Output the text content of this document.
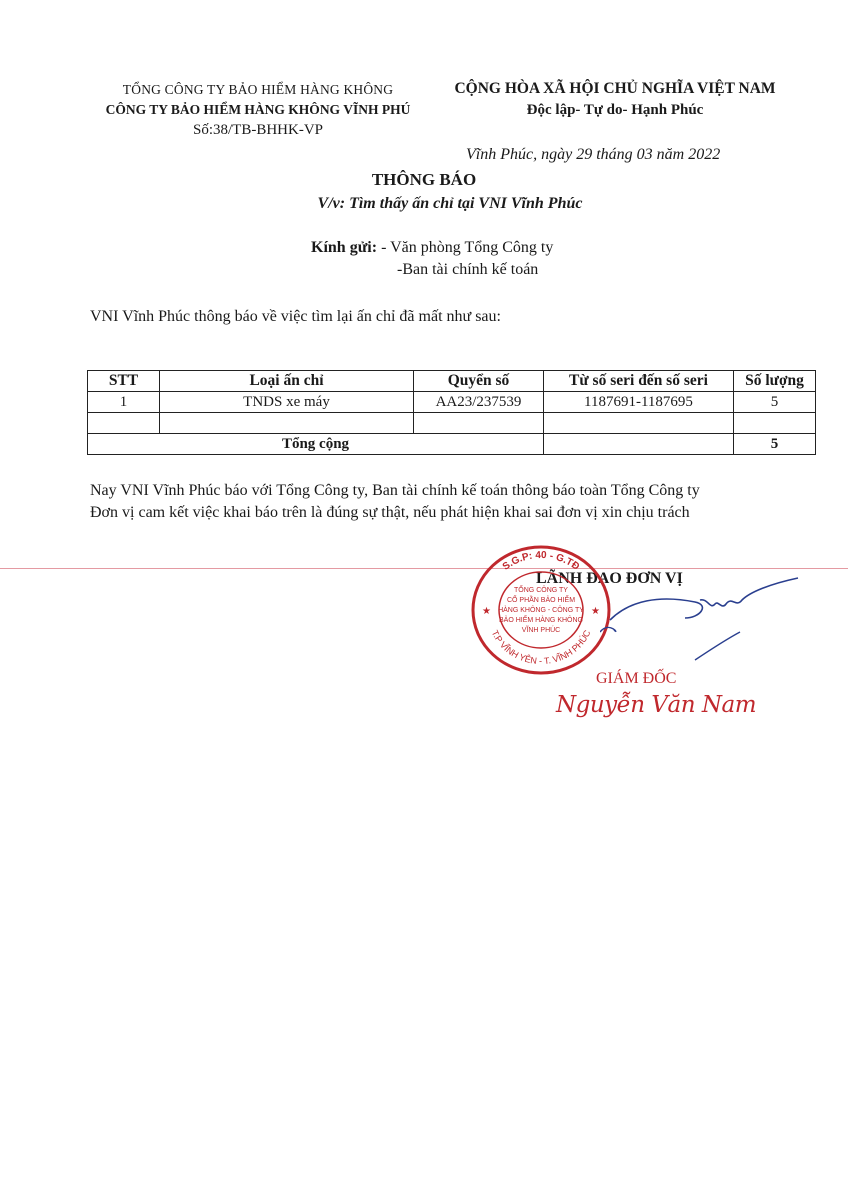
TỔNG CÔNG TY BẢO HIỂM HÀNG KHÔNG
CÔNG TY BẢO HIỂM HÀNG KHÔNG VĨNH PHÚ
Số:38/TB-BHHK-VP
CỘNG HÒA XÃ HỘI CHỦ NGHĨA VIỆT NAM
Độc lập- Tự do- Hạnh Phúc
Vĩnh Phúc, ngày 29 tháng 03 năm 2022
THÔNG BÁO
V/v: Tìm thấy ấn chỉ tại VNI Vĩnh Phúc
Kính gửi: - Văn phòng Tổng Công ty
-Ban tài chính kế toán
VNI Vĩnh Phúc thông báo về việc tìm lại ấn chỉ đã mất như sau:
STT	Loại ấn chỉ	Quyển số	Từ số seri đến số seri	Số lượng
1	TNDS xe máy	AA23/237539	1187691-1187695	5

Tổng cộng				5
Nay VNI Vĩnh Phúc báo với Tổng Công ty, Ban tài chính kế toán thông báo toàn Tổng Công ty
Đơn vị cam kết việc khai báo trên là đúng sự thật, nếu phát hiện khai sai đơn vị xin chịu trách
LÃNH ĐẠO ĐƠN VỊ
S.G.P: 40 - G.TĐ
T.P VĨNH YÊN - T. VĨNH PHÚC
★	★
TỔNG CÔNG TY
CỔ PHẦN BẢO HIỂM
HÀNG KHÔNG - CÔNG TY
BẢO HIỂM HÀNG KHÔNG
VĨNH PHÚC
GIÁM ĐỐC
Nguyễn Văn Nam
